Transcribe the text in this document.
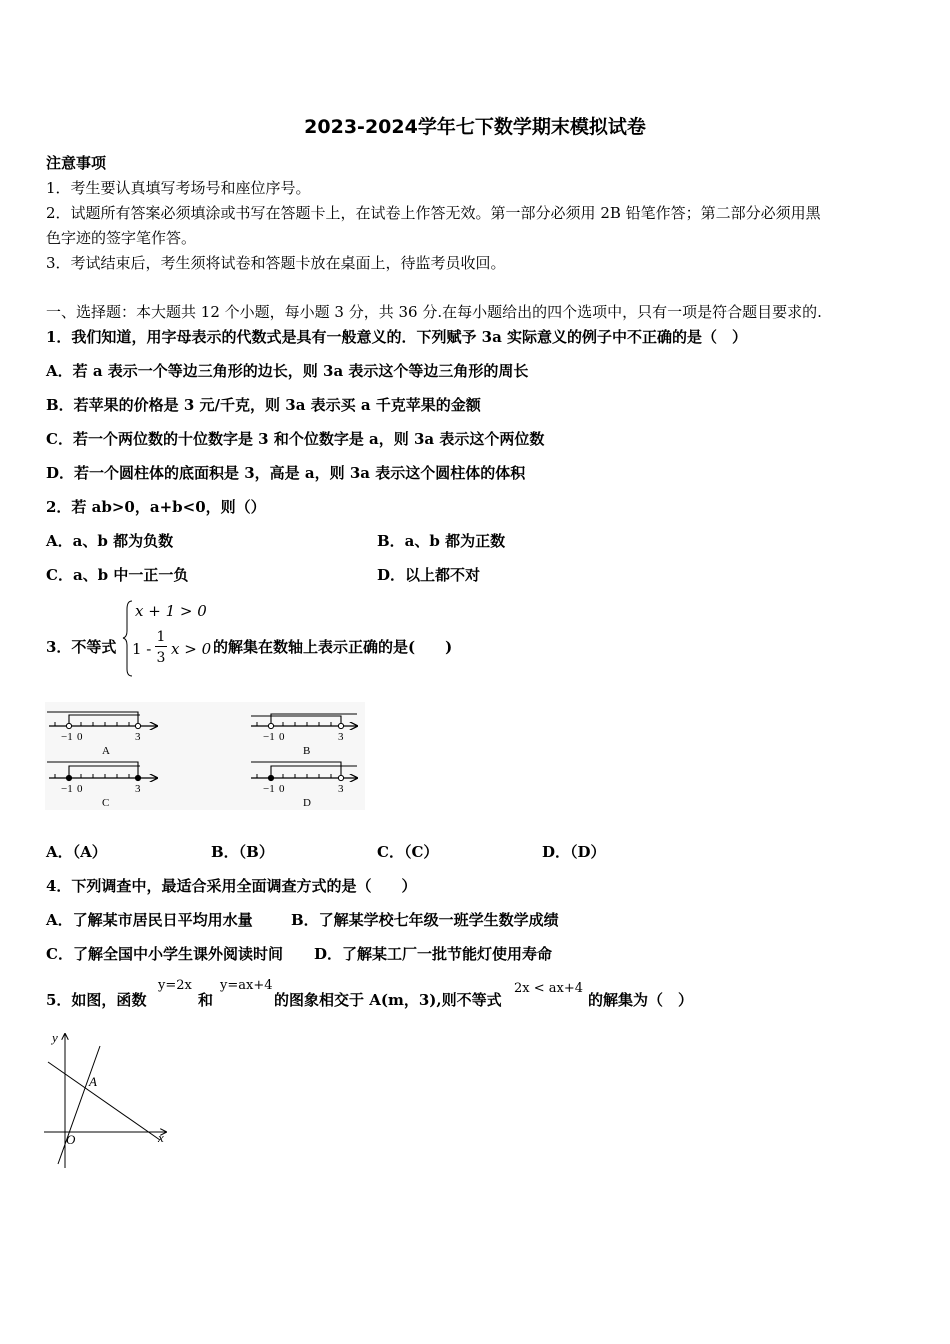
2023-2024学年七下数学期末模拟试卷
注意事项
1．考生要认真填写考场号和座位序号。
2．试题所有答案必须填涂或书写在答题卡上，在试卷上作答无效。第一部分必须用 2B 铅笔作答；第二部分必须用黑
色字迹的签字笔作答。
3．考试结束后，考生须将试卷和答题卡放在桌面上，待监考员收回。
一、选择题：本大题共 12 个小题，每小题 3 分，共 36 分.在每小题给出的四个选项中，只有一项是符合题目要求的.
1．我们知道，用字母表示的代数式是具有一般意义的．下列赋予 3a 实际意义的例子中不正确的是（　）
A．若 a 表示一个等边三角形的边长，则 3a 表示这个等边三角形的周长
B．若苹果的价格是 3 元/千克，则 3a 表示买 a 千克苹果的金额
C．若一个两位数的十位数字是 3 和个位数字是 a，则 3a 表示这个两位数
D．若一个圆柱体的底面积是 3，高是 a，则 3a 表示这个圆柱体的体积
2．若 ab>0，a+b<0，则（）
A．a、b 都为负数	B．a、b 都为正数
C．a、b 中一正一负	D．以上都不对
3．不等式
x + 1 > 0
1 -
1
3 x > 0 的解集在数轴上表示正确的是(　　)
−1 0	3
A
−1 0	3
B
−1 0	3
C
−1 0	3
D
A．（A）	B．（B）	C．（C）	D．（D）
4．下列调查中，最适合采用全面调查方式的是（　　）
A．了解某市居民日平均用水量	B．了解某学校七年级一班学生数学成绩
C．了解全国中小学生课外阅读时间 D．了解某工厂一批节能灯使用寿命
5．如图，函数
y=2x
和
y=ax+4
的图象相交于 A(m，3),则不等式
2x < ax+4
的解集为（　）
y
x
O
A
